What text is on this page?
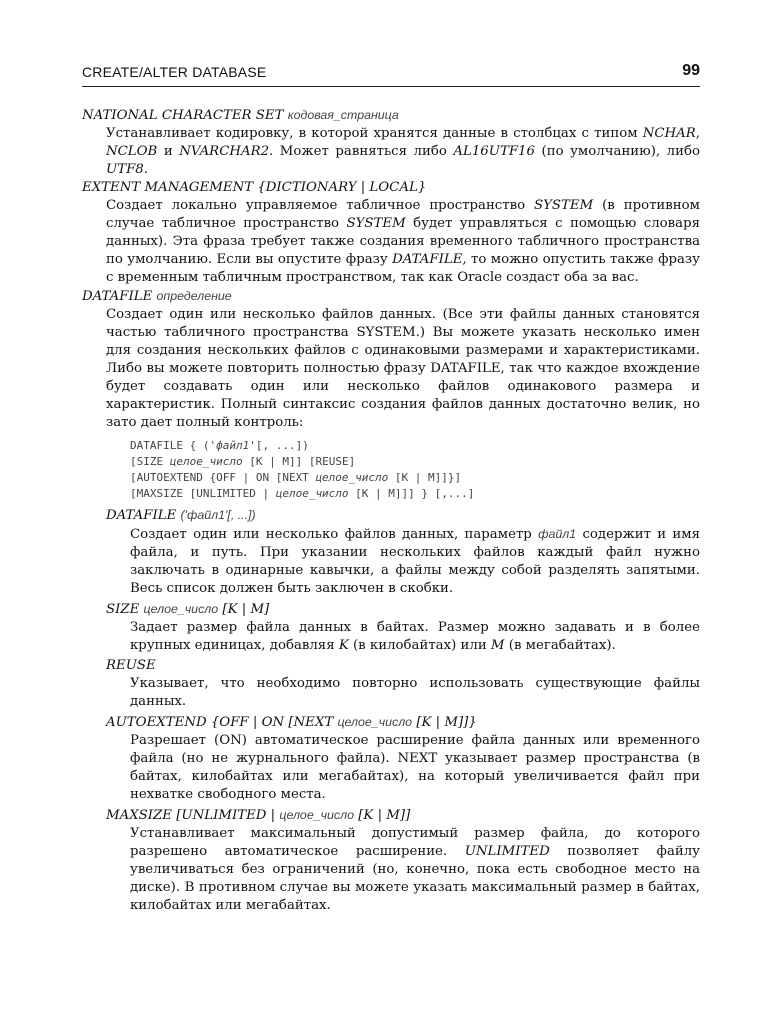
CREATE/ALTER DATABASE	99

NATIONAL CHARACTER SET кодовая_страница

Устанавливает кодировку, в которой хранятся данные в столбцах с типом NCHAR, NCLOB и NVARCHAR2. Может равняться либо AL16UTF16 (по умолчанию), либо UTF8.

EXTENT MANAGEMENT {DICTIONARY | LOCAL}

Создает локально управляемое табличное пространство SYSTEM (в противном случае табличное пространство SYSTEM будет управляться с помощью словаря данных). Эта фраза требует также создания временного табличного пространства по умолчанию. Если вы опустите фразу DATAFILE, то можно опустить также фразу с временным табличным пространством, так как Oracle создаст оба за вас.

DATAFILE определение

Создает один или несколько файлов данных. (Все эти файлы данных становятся частью табличного пространства SYSTEM.) Вы можете указать несколько имен для создания нескольких файлов с одинаковыми размерами и характеристиками. Либо вы можете повторить полностью фразу DATAFILE, так что каждое вхождение будет создавать один или несколько файлов одинакового размера и характеристик. Полный синтаксис создания файлов данных достаточно велик, но зато дает полный контроль:

DATAFILE { ('файл1'[, ...])
[SIZE целое_число [K | M]] [REUSE]
[AUTOEXTEND {OFF | ON [NEXT целое_число [K | M]]}]
[MAXSIZE [UNLIMITED | целое_число [K | M]]] } [,...]

DATAFILE ('файл1'[, ...])

Создает один или несколько файлов данных, параметр файл1 содержит и имя файла, и путь. При указании нескольких файлов каждый файл нужно заключать в одинарные кавычки, а файлы между собой разделять запятыми. Весь список должен быть заключен в скобки.

SIZE целое_число [K | M]

Задает размер файла данных в байтах. Размер можно задавать и в более крупных единицах, добавляя K (в килобайтах) или M (в мегабайтах).

REUSE

Указывает, что необходимо повторно использовать существующие файлы данных.

AUTOEXTEND {OFF | ON [NEXT целое_число [K | M]]}

Разрешает (ON) автоматическое расширение файла данных или временного файла (но не журнального файла). NEXT указывает размер пространства (в байтах, килобайтах или мегабайтах), на который увеличивается файл при нехватке свободного места.

MAXSIZE [UNLIMITED | целое_число [K | M]]

Устанавливает максимальный допустимый размер файла, до которого разрешено автоматическое расширение. UNLIMITED позволяет файлу увеличиваться без ограничений (но, конечно, пока есть свободное место на диске). В противном случае вы можете указать максимальный размер в байтах, килобайтах или мегабайтах.
